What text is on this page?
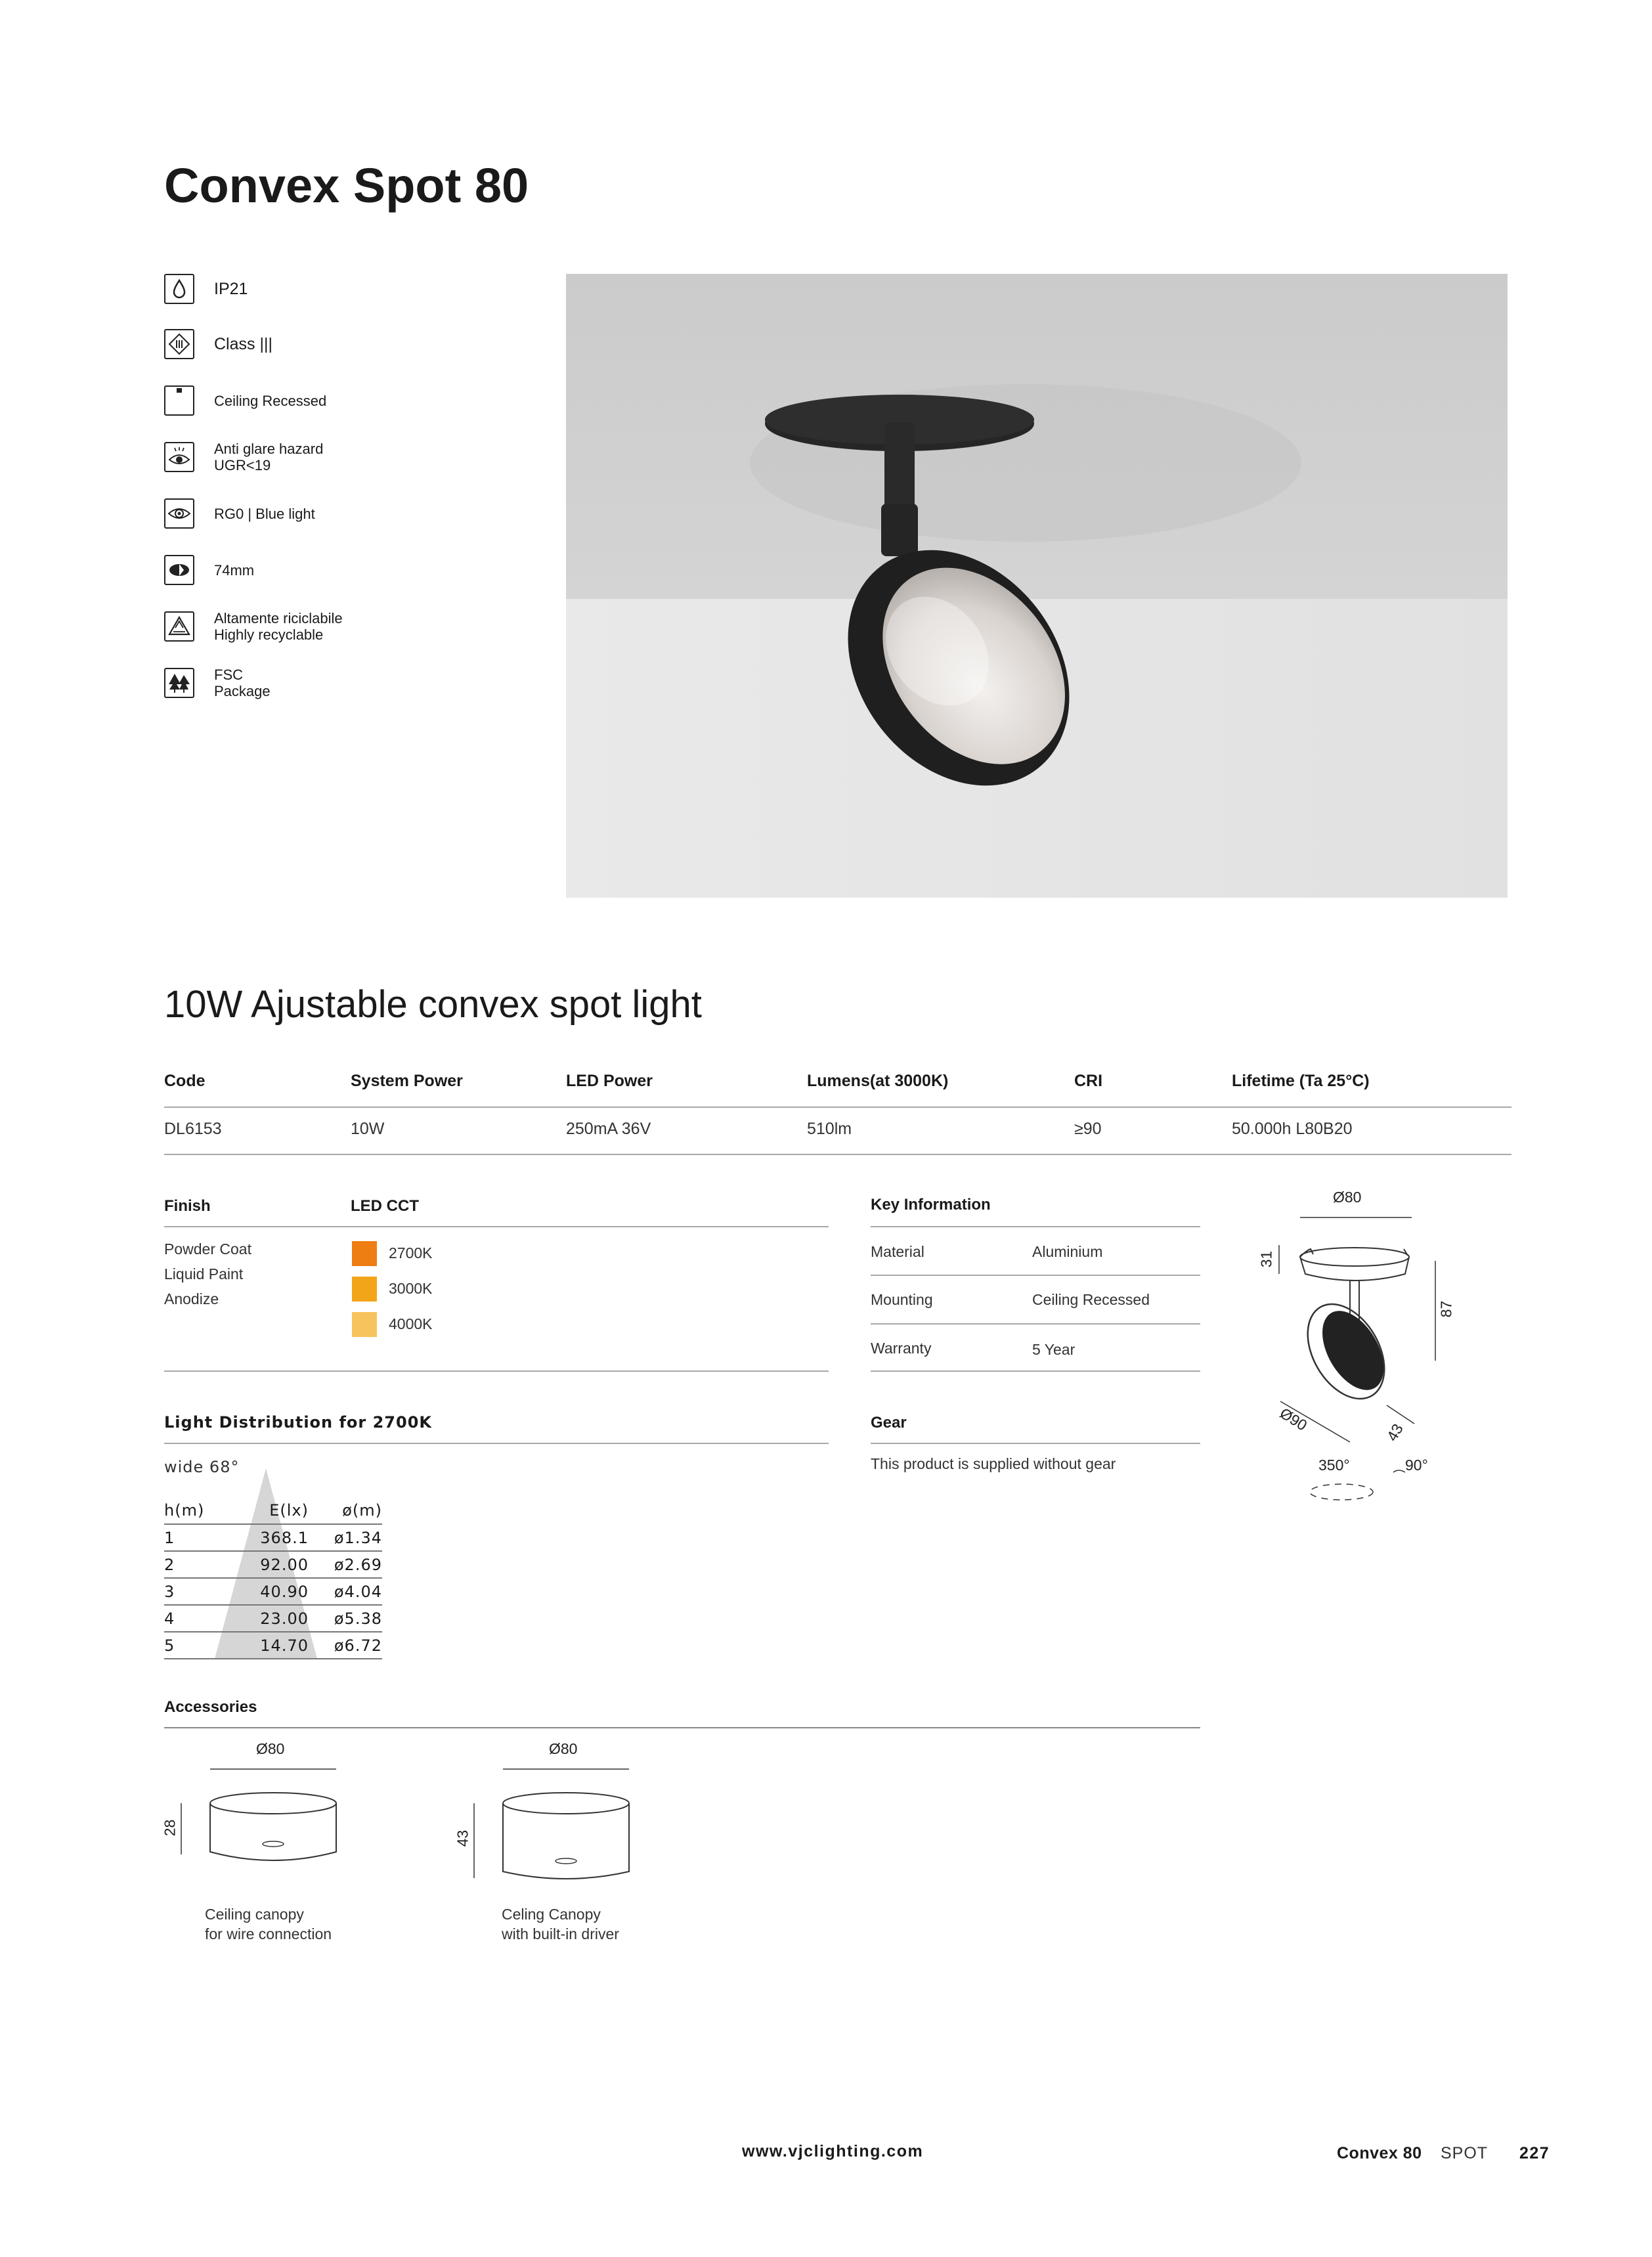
Convex Spot 80
IP21
Class |||
Ceiling Recessed
Anti glare hazard
UGR<19
RG0 | Blue light
74mm
Altamente riciclabile
Highly recyclable
FSC
Package
10W Ajustable convex spot light
Code	System Power	LED Power	Lumens(at 3000K)	CRI	Lifetime (Ta 25°C)
DL6153	10W	250mA 36V	510lm	≥90	50.000h L80B20
Finish	LED CCT
Powder Coat
Liquid Paint
Anodize
2700K
3000K
4000K
Key Information
Material	Aluminium
Mounting	Ceiling Recessed
Warranty	5 Year
Ø80
31
87
Ø90	43
350°	90°
Light Distribution for 2700K
wide 68°
h(m)	E(lx)	ø(m)
1	368.1	ø1.34
2	92.00	ø2.69
3	40.90	ø4.04
4	23.00	ø5.38
5	14.70	ø6.72
Gear
This product is supplied without gear
Accessories
Ø80
28
Ceiling canopy
for wire connection
Ø80
43
Celing Canopy
with built-in driver
www.vjclighting.com	Convex 80 SPOT 227
